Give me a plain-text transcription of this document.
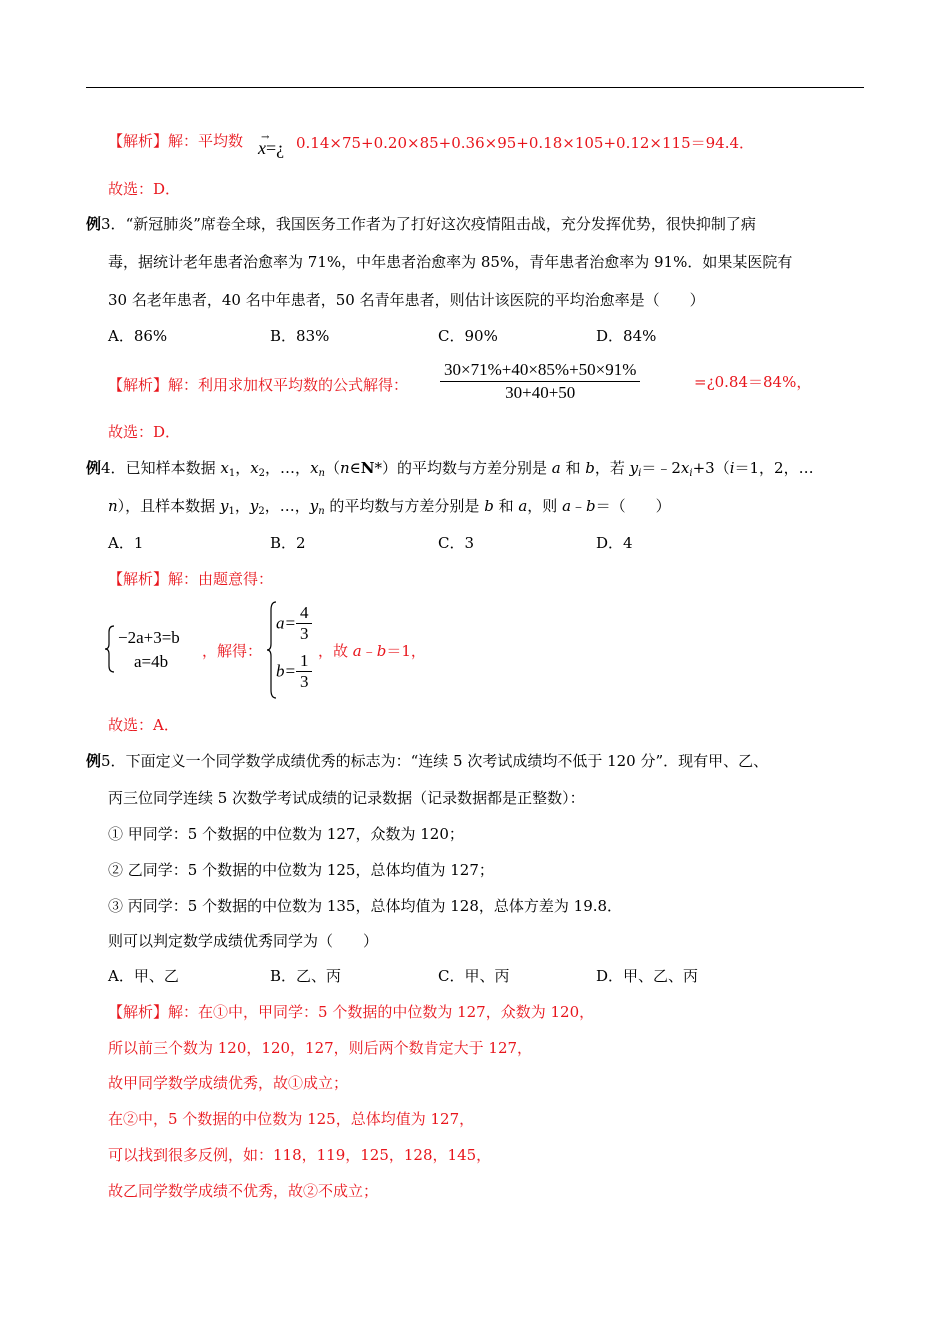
【解析】解：平均数 x
→
=¿ 0.14×75+0.20×85+0.36×95+0.18×105+0.12×115＝94.4．
故选：D．
例3．“新冠肺炎”席卷全球，我国医务工作者为了打好这次疫情阻击战，充分发挥优势，很快抑制了病
毒，据统计老年患者治愈率为 71%，中年患者治愈率为 85%，青年患者治愈率为 91%．如果某医院有
30 名老年患者，40 名中年患者，50 名青年患者，则估计该医院的平均治愈率是（　　）
A．86%	B．83%	C．90%	D．84%
【解析】解：利用求加权平均数的公式解得： $\frac{30\times 71\%+40\times 85\%+50\times 91\%}{30+40+50}$	=¿0.84＝84%，
故选：D．
例4．已知样本数据 $x_1$，$x_2$，…，$x_n(n\in N*)$的平均数与方差分别是 a 和 b，若 $y_i=﹣2x_i+3(i=1$，2，…
n），且样本数据 $y_1$，$y_2$，…，$y_n$ 的平均数与方差分别是 b 和 a，则 a﹣b＝（　　）
A．1	B．2	C．3	D．4
【解析】解：由题意得：
−2a+3=b
a=4b
，解得：
$a= \frac{4}{3}$
$b= \frac{1}{3}$ ，故 a﹣b＝1，
故选：A．
例5．下面定义一个同学数学成绩优秀的标志为：“连续 5 次考试成绩均不低于 120 分”．现有甲、乙、
丙三位同学连续 5 次数学考试成绩的记录数据（记录数据都是正整数）：
① 甲同学：5 个数据的中位数为 127，众数为 120；
② 乙同学：5 个数据的中位数为 125，总体均值为 127；
③ 丙同学：5 个数据的中位数为 135，总体均值为 128，总体方差为 19.8．
则可以判定数学成绩优秀同学为（　　）
A．甲、乙	B．乙、丙	C．甲、丙	D．甲、乙、丙
【解析】解：在①中，甲同学：5 个数据的中位数为 127，众数为 120，
所以前三个数为 120，120，127，则后两个数肯定大于 127，
故甲同学数学成绩优秀，故①成立；
在②中，5 个数据的中位数为 125，总体均值为 127，
可以找到很多反例，如：118，119，125，128，145，
故乙同学数学成绩不优秀，故②不成立；
